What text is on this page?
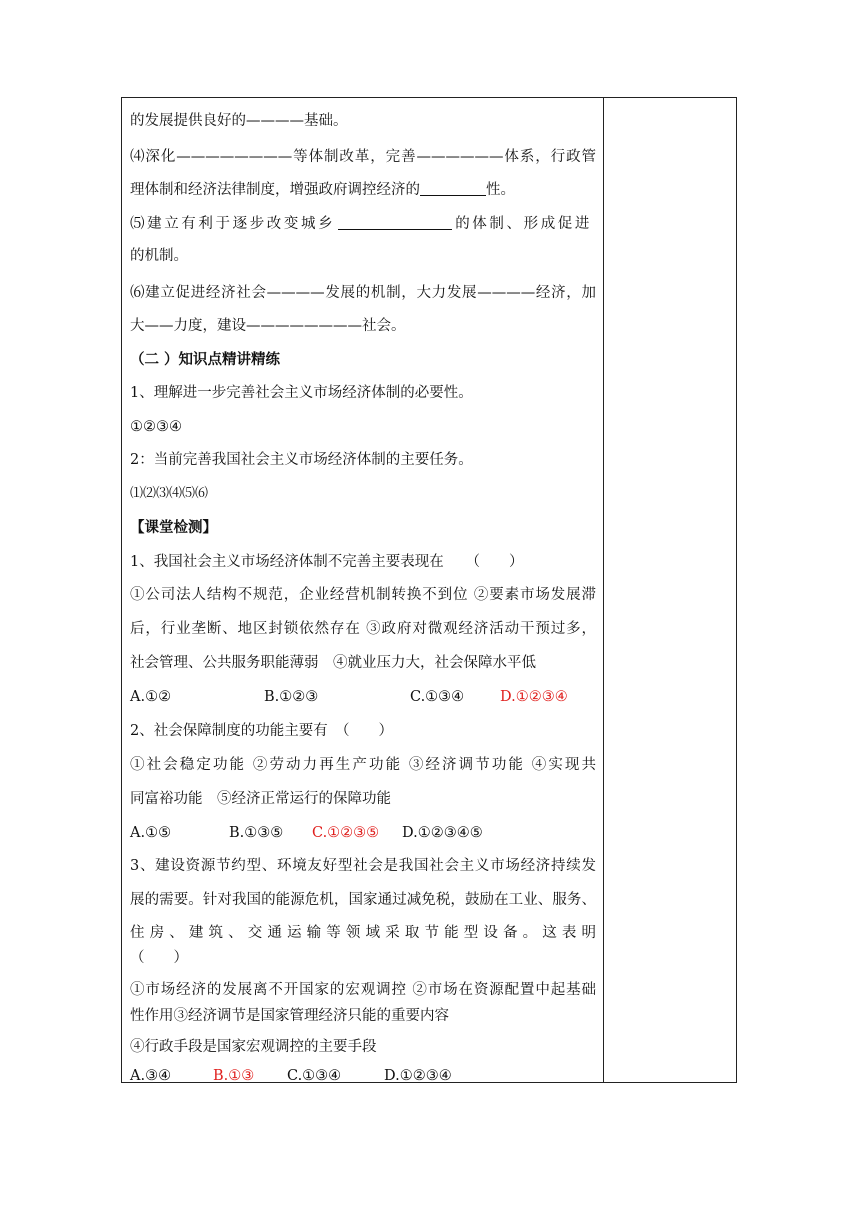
的发展提供良好的————基础。
⑷深化————————等体制改革，完善——————体系，行政管
理体制和经济法律制度，增强政府调控经济的	性。
⑸建立有利于逐步改变城乡	的体制、形成促进
的机制。
⑹建立促进经济社会————发展的机制，大力发展————经济，加
大——力度，建设————————社会。
（二 ）知识点精讲精练
1、理解进一步完善社会主义市场经济体制的必要性。
①②③④
2：当前完善我国社会主义市场经济体制的主要任务。
⑴⑵⑶⑷⑸⑹
【课堂检测】
1、我国社会主义市场经济体制不完善主要表现在　　（　　）
①公司法人结构不规范，企业经营机制转换不到位 ②要素市场发展滞
后，行业垄断、地区封锁依然存在 ③政府对微观经济活动干预过多，
社会管理、公共服务职能薄弱　④就业压力大，社会保障水平低
A.①②	B.①②③	C.①③④ D.①②③④
2、社会保障制度的功能主要有　（　　）
①社会稳定功能 ②劳动力再生产功能 ③经济调节功能 ④实现共
同富裕功能　⑤经济正常运行的保障功能
A.①⑤	B.①③⑤ C.①②③⑤ D.①②③④⑤
3、建设资源节约型、环境友好型社会是我国社会主义市场经济持续发
展的需要。针对我国的能源危机，国家通过减免税，鼓励在工业、服务、
住房、建筑、交通运输等领域采取节能型设备。这表明
（　　）
①市场经济的发展离不开国家的宏观调控 ②市场在资源配置中起基础
性作用③经济调节是国家管理经济只能的重要内容
④行政手段是国家宏观调控的主要手段
A.③④	B.①③ C.①③④	D.①②③④
